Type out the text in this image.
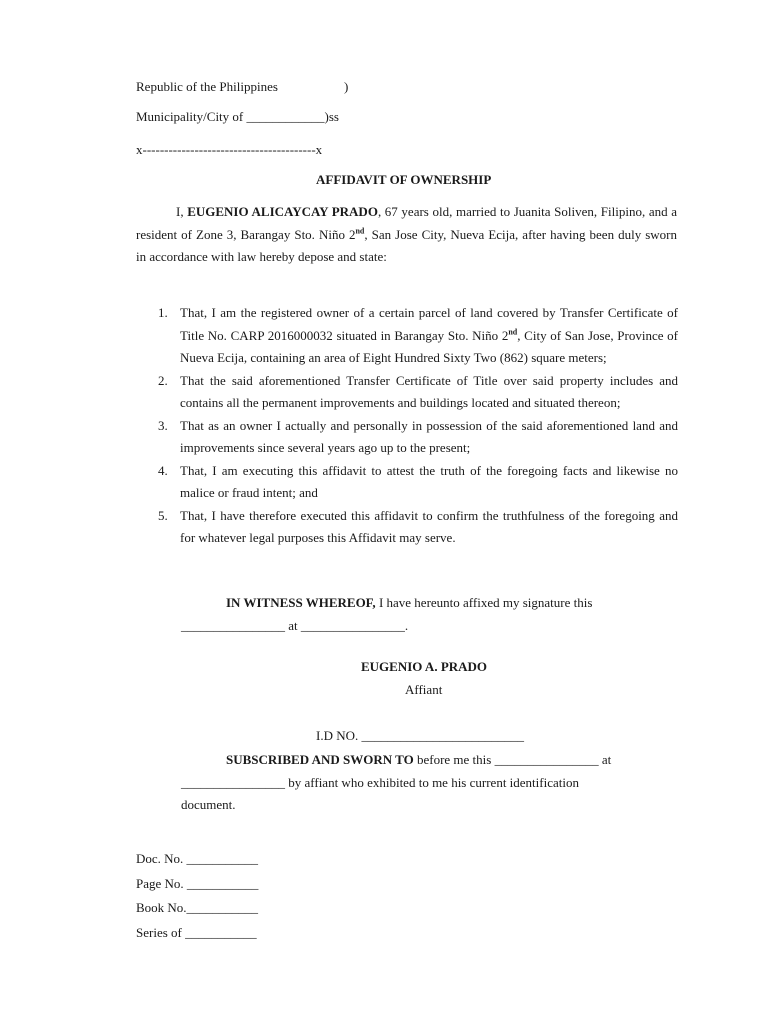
Republic of the Philippines	)
Municipality/City of ____________)ss
x----------------------------------------x
AFFIDAVIT OF OWNERSHIP
I, EUGENIO ALICAYCAY PRADO, 67 years old, married to Juanita Soliven, Filipino, and a resident of Zone 3, Barangay Sto. Niño 2nd, San Jose City, Nueva Ecija, after having been duly sworn in accordance with law hereby depose and state:
1. That, I am the registered owner of a certain parcel of land covered by Transfer Certificate of Title No. CARP 2016000032 situated in Barangay Sto. Niño 2nd, City of San Jose, Province of Nueva Ecija, containing an area of Eight Hundred Sixty Two (862) square meters;
2. That the said aforementioned Transfer Certificate of Title over said property includes and contains all the permanent improvements and buildings located and situated thereon;
3. That as an owner I actually and personally in possession of the said aforementioned land and improvements since several years ago up to the present;
4. That, I am executing this affidavit to attest the truth of the foregoing facts and likewise no malice or fraud intent; and
5. That, I have therefore executed this affidavit to confirm the truthfulness of the foregoing and for whatever legal purposes this Affidavit may serve.
IN WITNESS WHEREOF, I have hereunto affixed my signature this
________________ at ________________.
EUGENIO A. PRADO
Affiant
I.D NO. _________________________
SUBSCRIBED AND SWORN TO before me this ________________ at
________________ by affiant who exhibited to me his current identification
document.
Doc. No. ___________
Page No. ___________
Book No.___________
Series of ___________
